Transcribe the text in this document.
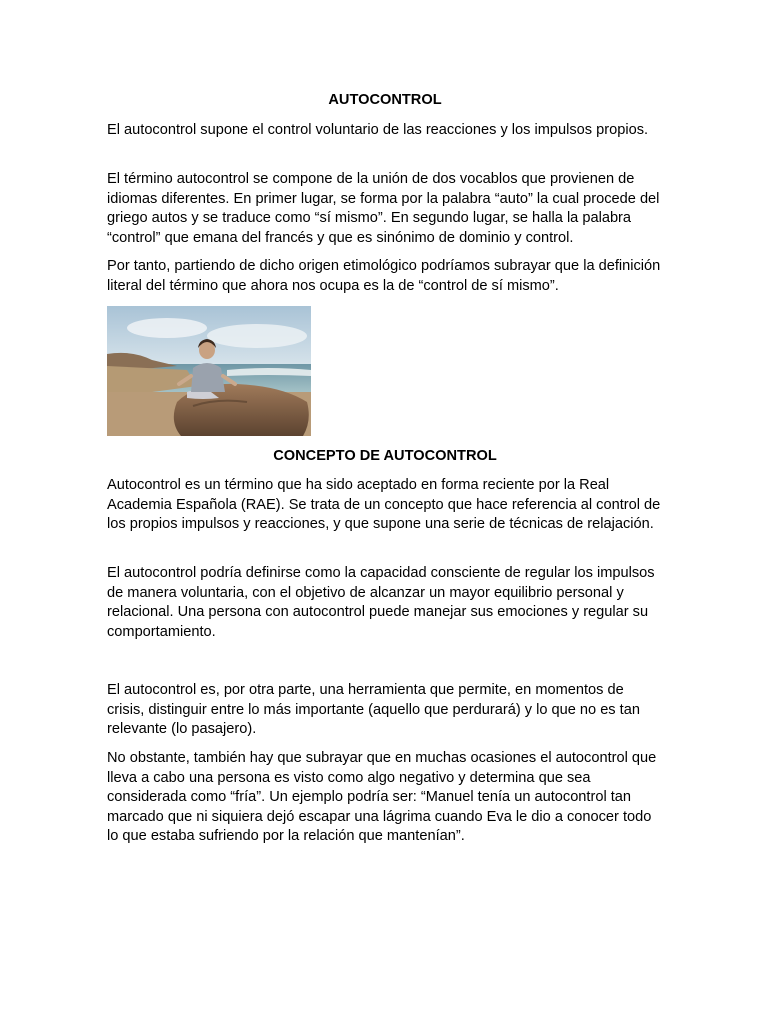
AUTOCONTROL

El autocontrol supone el control voluntario de las reacciones y los impulsos propios.

El término autocontrol se compone de la unión de dos vocablos que provienen de idiomas diferentes. En primer lugar, se forma por la palabra “auto” la cual procede del griego autos y se traduce como “sí mismo”. En segundo lugar, se halla la palabra “control” que emana del francés y que es sinónimo de dominio y control.

Por tanto, partiendo de dicho origen etimológico podríamos subrayar que la definición literal del término que ahora nos ocupa es la de “control de sí mismo”.

CONCEPTO DE AUTOCONTROL

Autocontrol es un término que ha sido aceptado en forma reciente por la Real Academia Española (RAE). Se trata de un concepto que hace referencia al control de los propios impulsos y reacciones, y que supone una serie de técnicas de relajación.

El autocontrol podría definirse como la capacidad consciente de regular los impulsos de manera voluntaria, con el objetivo de alcanzar un mayor equilibrio personal y relacional. Una persona con autocontrol puede manejar sus emociones y regular su comportamiento.

El autocontrol es, por otra parte, una herramienta que permite, en momentos de crisis, distinguir entre lo más importante (aquello que perdurará) y lo que no es tan relevante (lo pasajero).

No obstante, también hay que subrayar que en muchas ocasiones el autocontrol que lleva a cabo una persona es visto como algo negativo y determina que sea considerada como “fría”. Un ejemplo podría ser: “Manuel tenía un autocontrol tan marcado que ni siquiera dejó escapar una lágrima cuando Eva le dio a conocer todo lo que estaba sufriendo por la relación que mantenían”.
